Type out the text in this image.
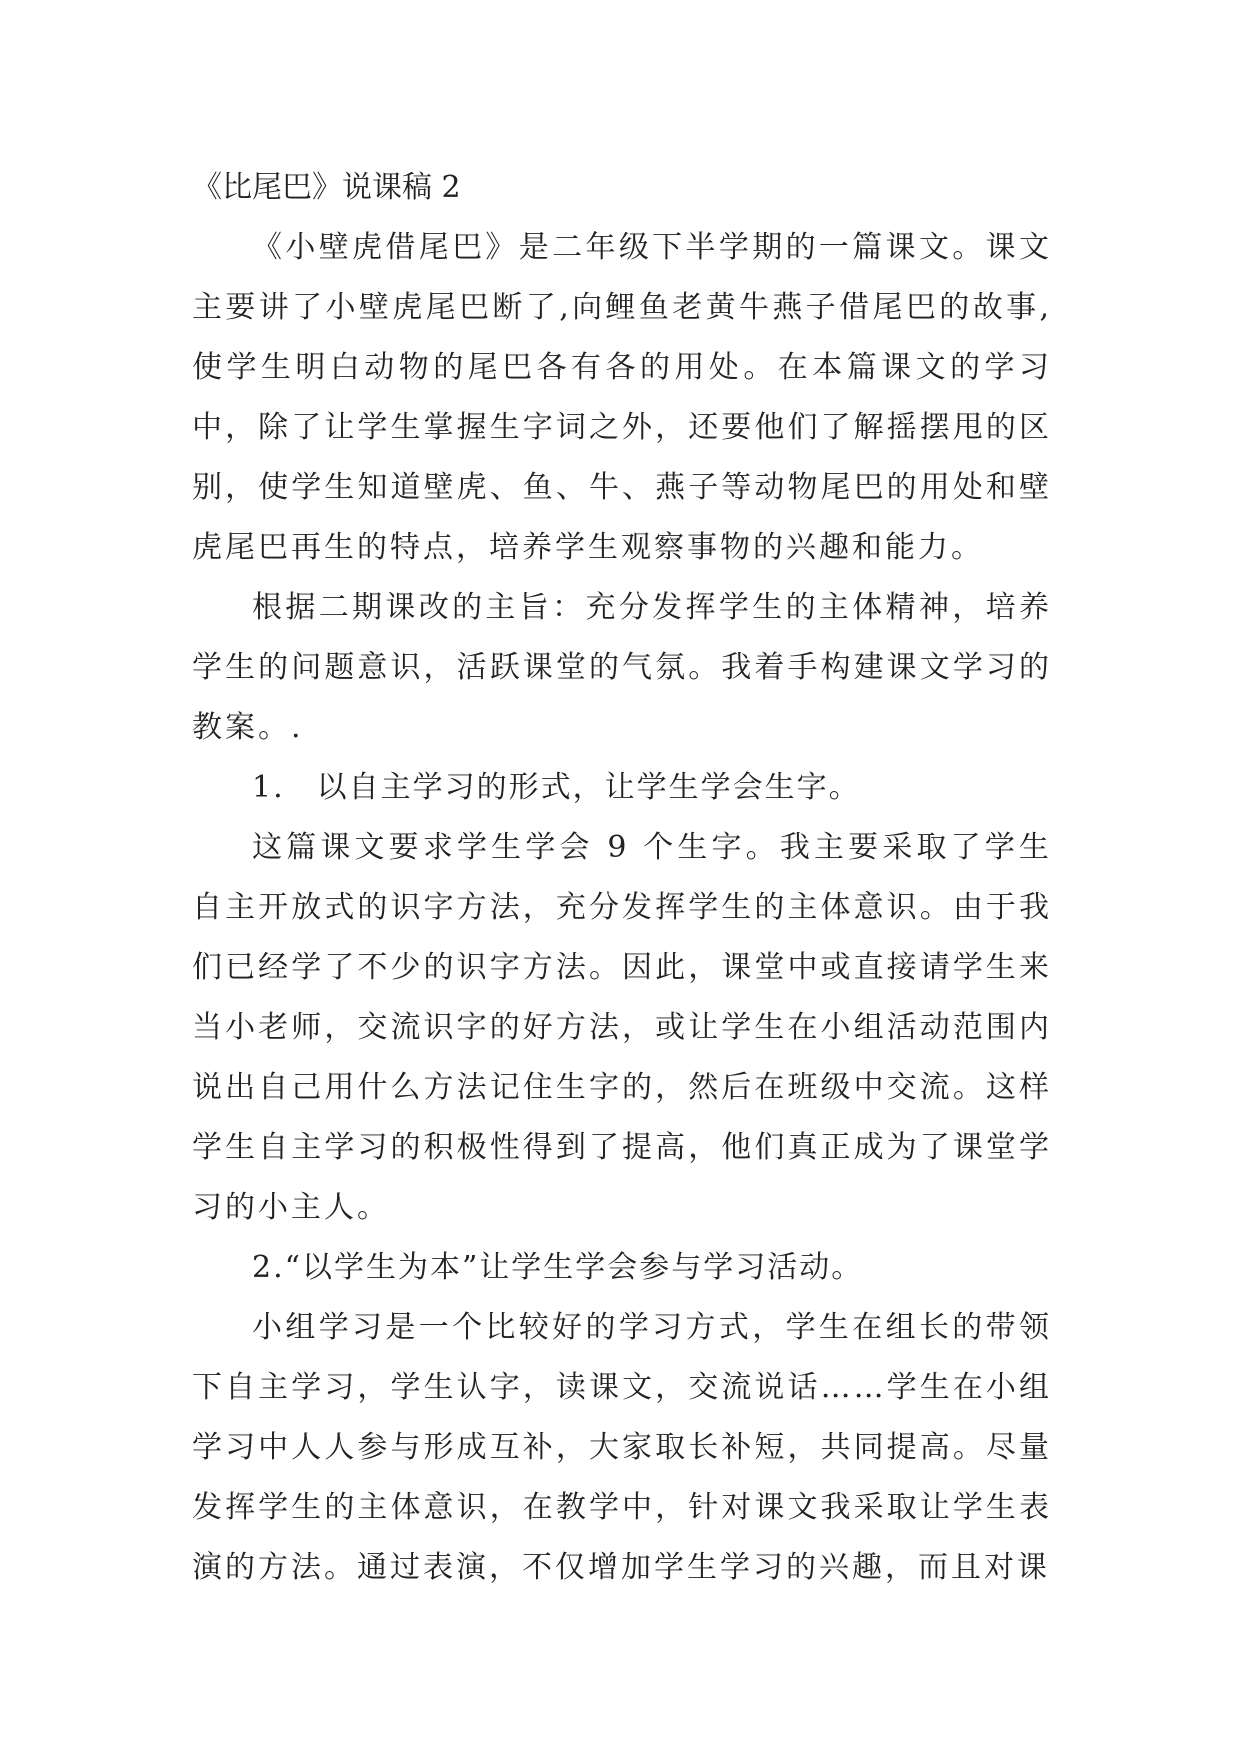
《比尾巴》说课稿 2

《小壁虎借尾巴》是二年级下半学期的一篇课文。课文主要讲了小壁虎尾巴断了,向鲤鱼老黄牛燕子借尾巴的故事,使学生明白动物的尾巴各有各的用处。在本篇课文的学习中，除了让学生掌握生字词之外，还要他们了解摇摆甩的区别，使学生知道壁虎、鱼、牛、燕子等动物尾巴的用处和壁虎尾巴再生的特点，培养学生观察事物的兴趣和能力。

根据二期课改的主旨：充分发挥学生的主体精神，培养学生的问题意识，活跃课堂的气氛。我着手构建课文学习的教案。.

1.　以自主学习的形式，让学生学会生字。

这篇课文要求学生学会 9 个生字。我主要采取了学生自主开放式的识字方法，充分发挥学生的主体意识。由于我们已经学了不少的识字方法。因此，课堂中或直接请学生来当小老师，交流识字的好方法，或让学生在小组活动范围内说出自己用什么方法记住生字的，然后在班级中交流。这样学生自主学习的积极性得到了提高，他们真正成为了课堂学习的小主人。

2.“以学生为本”让学生学会参与学习活动。

小组学习是一个比较好的学习方式，学生在组长的带领下自主学习，学生认字，读课文，交流说话……学生在小组学习中人人参与形成互补，大家取长补短，共同提高。尽量发挥学生的主体意识，在教学中，针对课文我采取让学生表演的方法。通过表演，不仅增加学生学习的兴趣，而且对课
